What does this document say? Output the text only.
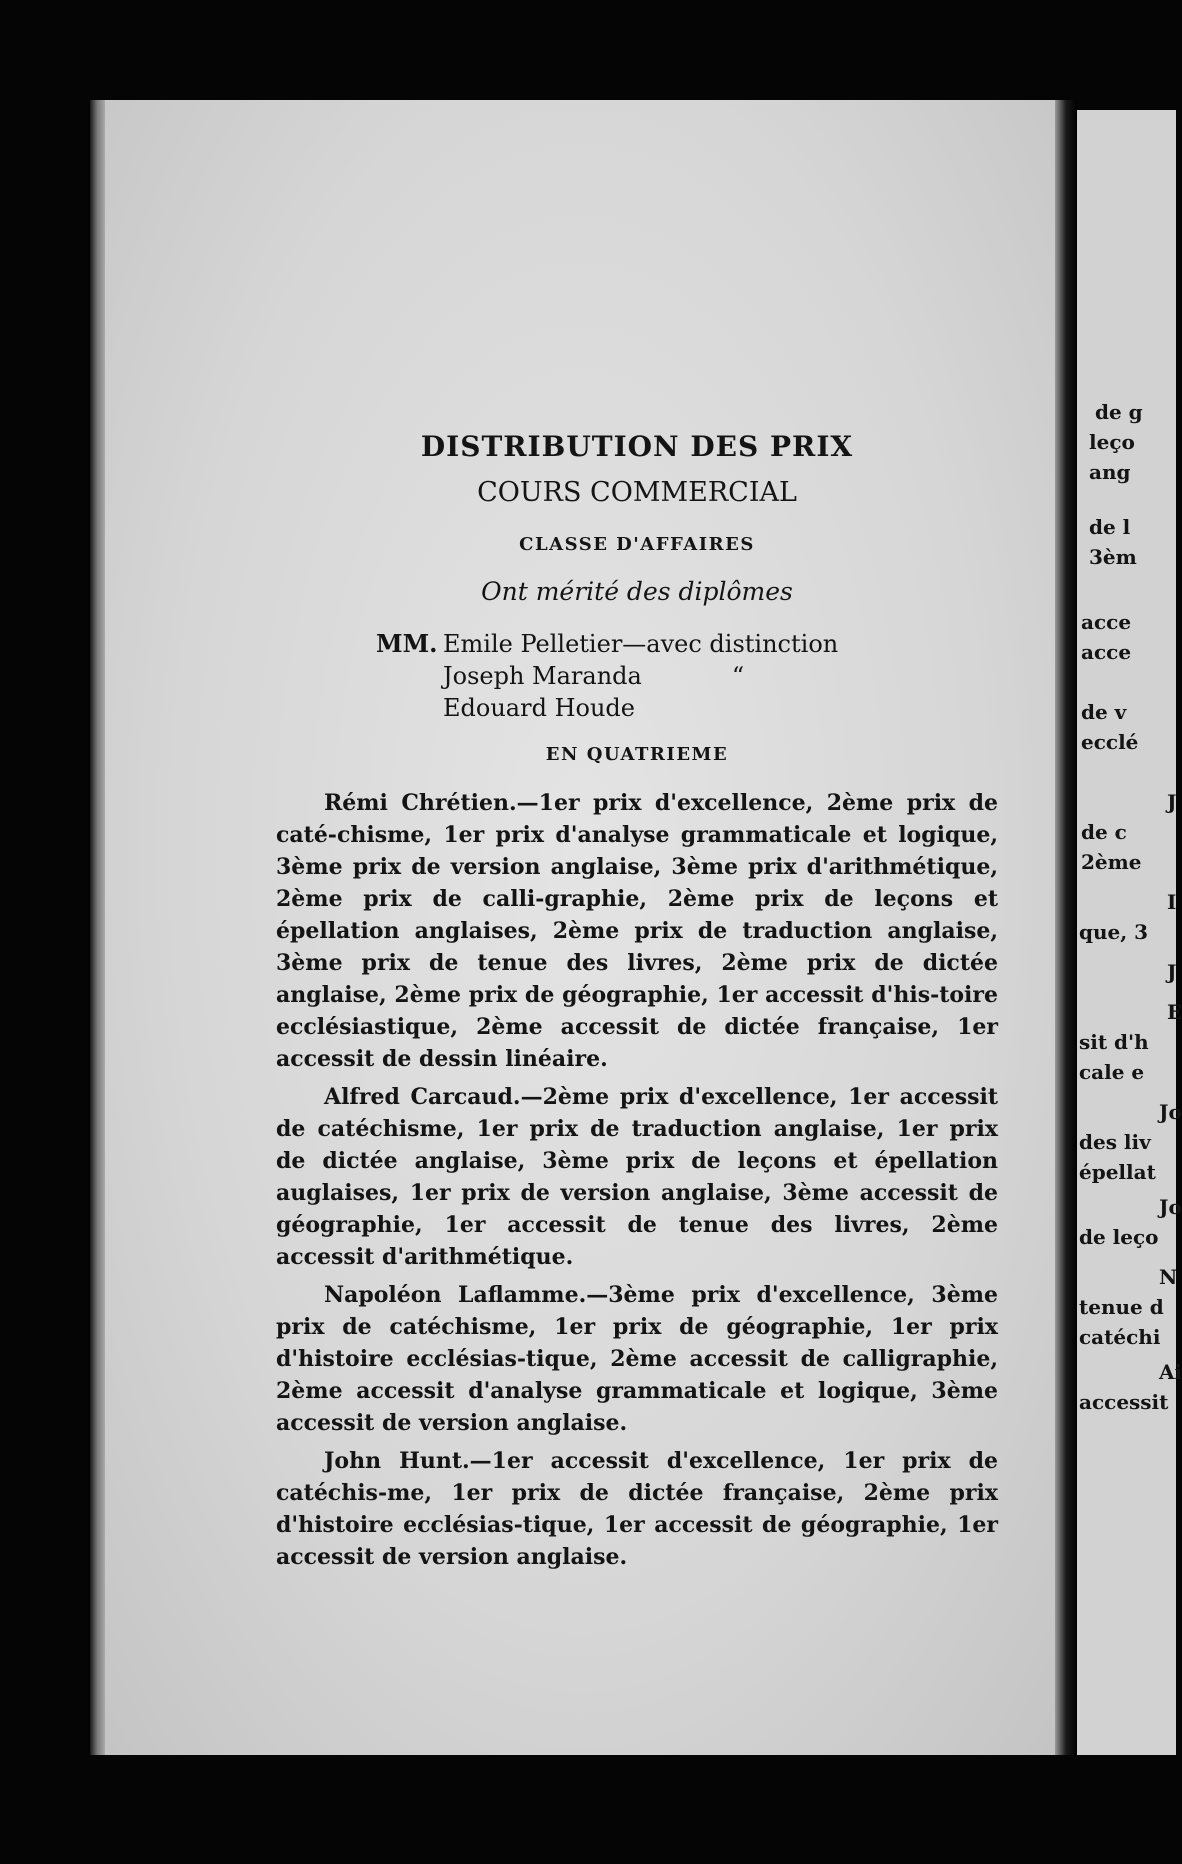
de g
leço
ang
de l
3èm
acce
acce
de v
ecclé
J
de c
2ème
I
que, 3
J
E
sit d'h
cale e
Jo
des liv
épellat
Jo
de leço
N
tenue d
catéchi
Ai
accessit
DISTRIBUTION DES PRIX
COURS COMMERCIAL
CLASSE D'AFFAIRES
Ont mérité des diplômes
MM. Emile Pelletier—avec distinction
Joseph Maranda	“
Edouard Houde
EN QUATRIEME

Rémi Chrétien.—1er prix d'excellence, 2ème prix de caté-chisme, 1er prix d'analyse grammaticale et logique, 3ème prix de version anglaise, 3ème prix d'arithmétique, 2ème prix de calli-graphie, 2ème prix de leçons et épellation anglaises, 2ème prix de traduction anglaise, 3ème prix de tenue des livres, 2ème prix de dictée anglaise, 2ème prix de géographie, 1er accessit d'his-toire ecclésiastique, 2ème accessit de dictée française, 1er accessit de dessin linéaire.

Alfred Carcaud.—2ème prix d'excellence, 1er accessit de catéchisme, 1er prix de traduction anglaise, 1er prix de dictée anglaise, 3ème prix de leçons et épellation auglaises, 1er prix de version anglaise, 3ème accessit de géographie, 1er accessit de tenue des livres, 2ème accessit d'arithmétique.

Napoléon Laflamme.—3ème prix d'excellence, 3ème prix de catéchisme, 1er prix de géographie, 1er prix d'histoire ecclésias-tique, 2ème accessit de calligraphie, 2ème accessit d'analyse grammaticale et logique, 3ème accessit de version anglaise.

John Hunt.—1er accessit d'excellence, 1er prix de catéchis-me, 1er prix de dictée française, 2ème prix d'histoire ecclésias-tique, 1er accessit de géographie, 1er accessit de version anglaise.
